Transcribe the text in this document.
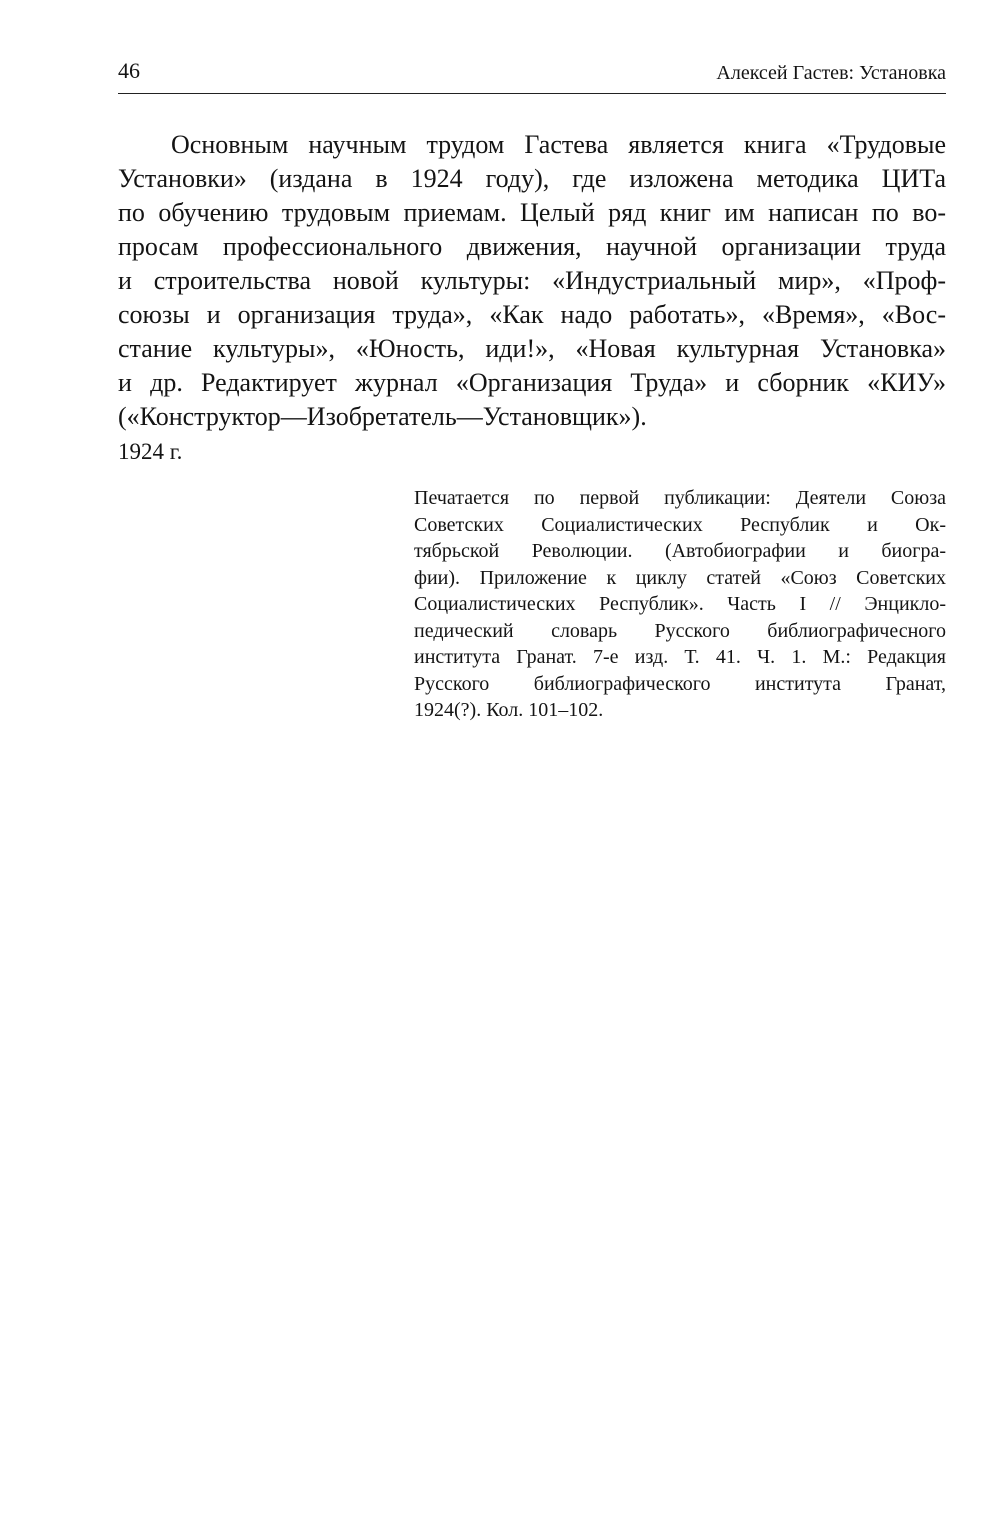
46	Алексей Гастев: Установка
Основным научным трудом Гастева является книга «Трудовые
Установки» (издана в 1924 году), где изложена методика ЦИТа
по обучению трудовым приемам. Целый ряд книг им написан по во-
просам профессионального движения, научной организации труда
и строительства новой культуры: «Индустриальный мир», «Проф-
союзы и организация труда», «Как надо работать», «Время», «Вос-
стание культуры», «Юность, иди!», «Новая культурная Установка»
и др. Редактирует журнал «Организация Труда» и сборник «КИУ»
(«Конструктор—Изобретатель—Установщик»).
1924 г.
Печатается по первой публикации: Деятели Союза
Советских Социалистических Республик и Ок-
тябрьской Революции. (Автобиографии и биогра-
фии). Приложение к циклу статей «Союз Советских
Социалистических Республик». Часть I // Энцикло-
педический словарь Русского библиографичесного
института Гранат. 7-е изд. Т. 41. Ч. 1. М.: Редакция
Русского библиографического института Гранат,
1924(?). Кол. 101–102.
